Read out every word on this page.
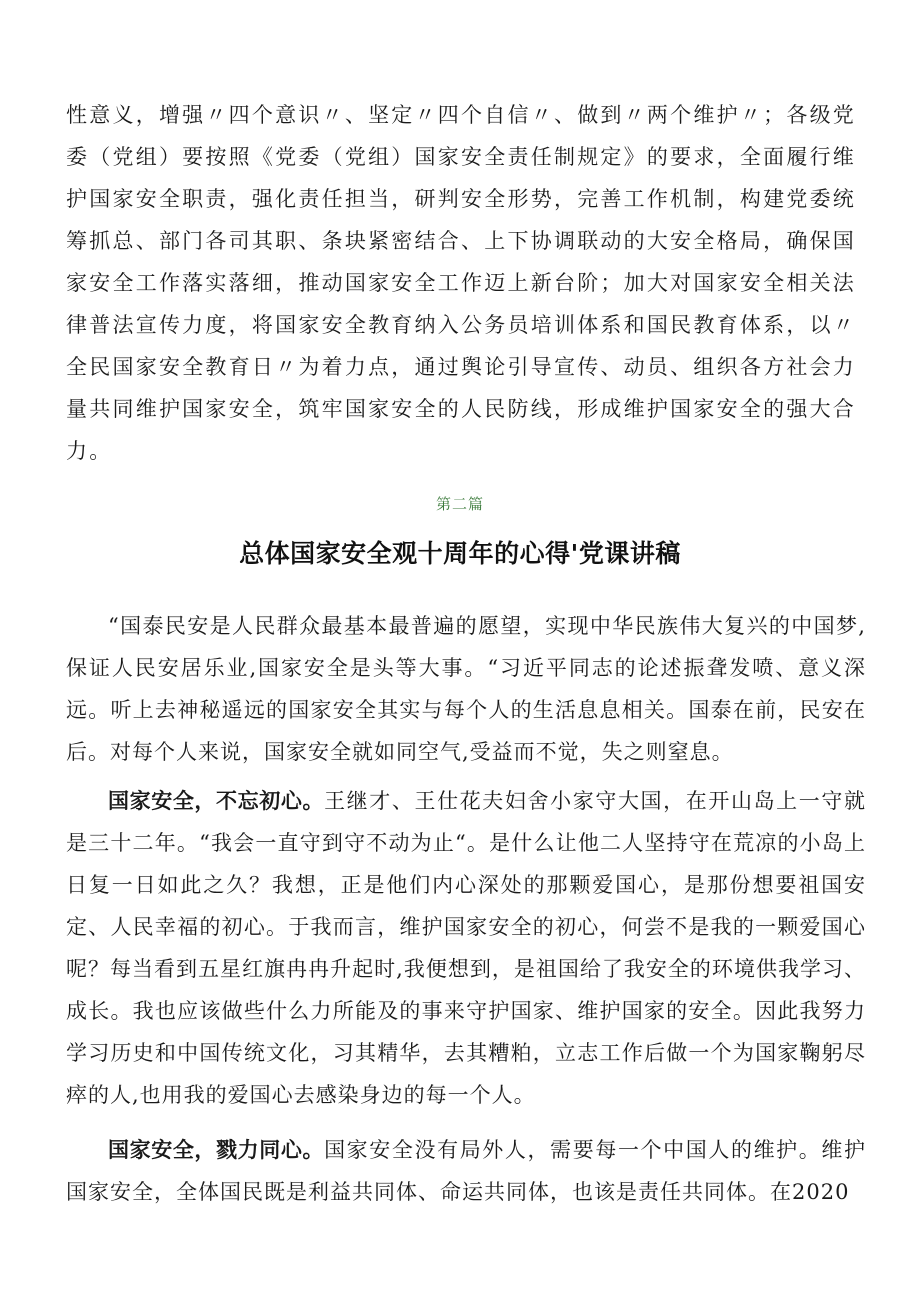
性意义，增强〃四个意识〃、坚定〃四个自信〃、做到〃两个维护〃；各级党委（党组）要按照《党委（党组）国家安全责任制规定》的要求，全面履行维护国家安全职责，强化责任担当，研判安全形势，完善工作机制，构建党委统筹抓总、部门各司其职、条块紧密结合、上下协调联动的大安全格局，确保国家安全工作落实落细，推动国家安全工作迈上新台阶；加大对国家安全相关法律普法宣传力度，将国家安全教育纳入公务员培训体系和国民教育体系，以〃全民国家安全教育日〃为着力点，通过舆论引导宣传、动员、组织各方社会力量共同维护国家安全，筑牢国家安全的人民防线，形成维护国家安全的强大合力。

第二篇
总体国家安全观十周年的心得'党课讲稿

“国泰民安是人民群众最基本最普遍的愿望，实现中华民族伟大复兴的中国梦,保证人民安居乐业,国家安全是头等大事。“习近平同志的论述振聋发喷、意义深远。听上去神秘遥远的国家安全其实与每个人的生活息息相关。国泰在前，民安在后。对每个人来说，国家安全就如同空气,受益而不觉，失之则窒息。

国家安全，不忘初心。王继才、王仕花夫妇舍小家守大国，在开山岛上一守就是三十二年。“我会一直守到守不动为止“。是什么让他二人坚持守在荒凉的小岛上日复一日如此之久？我想，正是他们内心深处的那颗爱国心，是那份想要祖国安定、人民幸福的初心。于我而言，维护国家安全的初心，何尝不是我的一颗爱国心呢？每当看到五星红旗冉冉升起时,我便想到，是祖国给了我安全的环境供我学习、成长。我也应该做些什么力所能及的事来守护国家、维护国家的安全。因此我努力学习历史和中国传统文化，习其精华，去其糟粕，立志工作后做一个为国家鞠躬尽瘁的人,也用我的爱国心去感染身边的每一个人。

国家安全，戮力同心。国家安全没有局外人，需要每一个中国人的维护。维护国家安全，全体国民既是利益共同体、命运共同体，也该是责任共同体。在2020
